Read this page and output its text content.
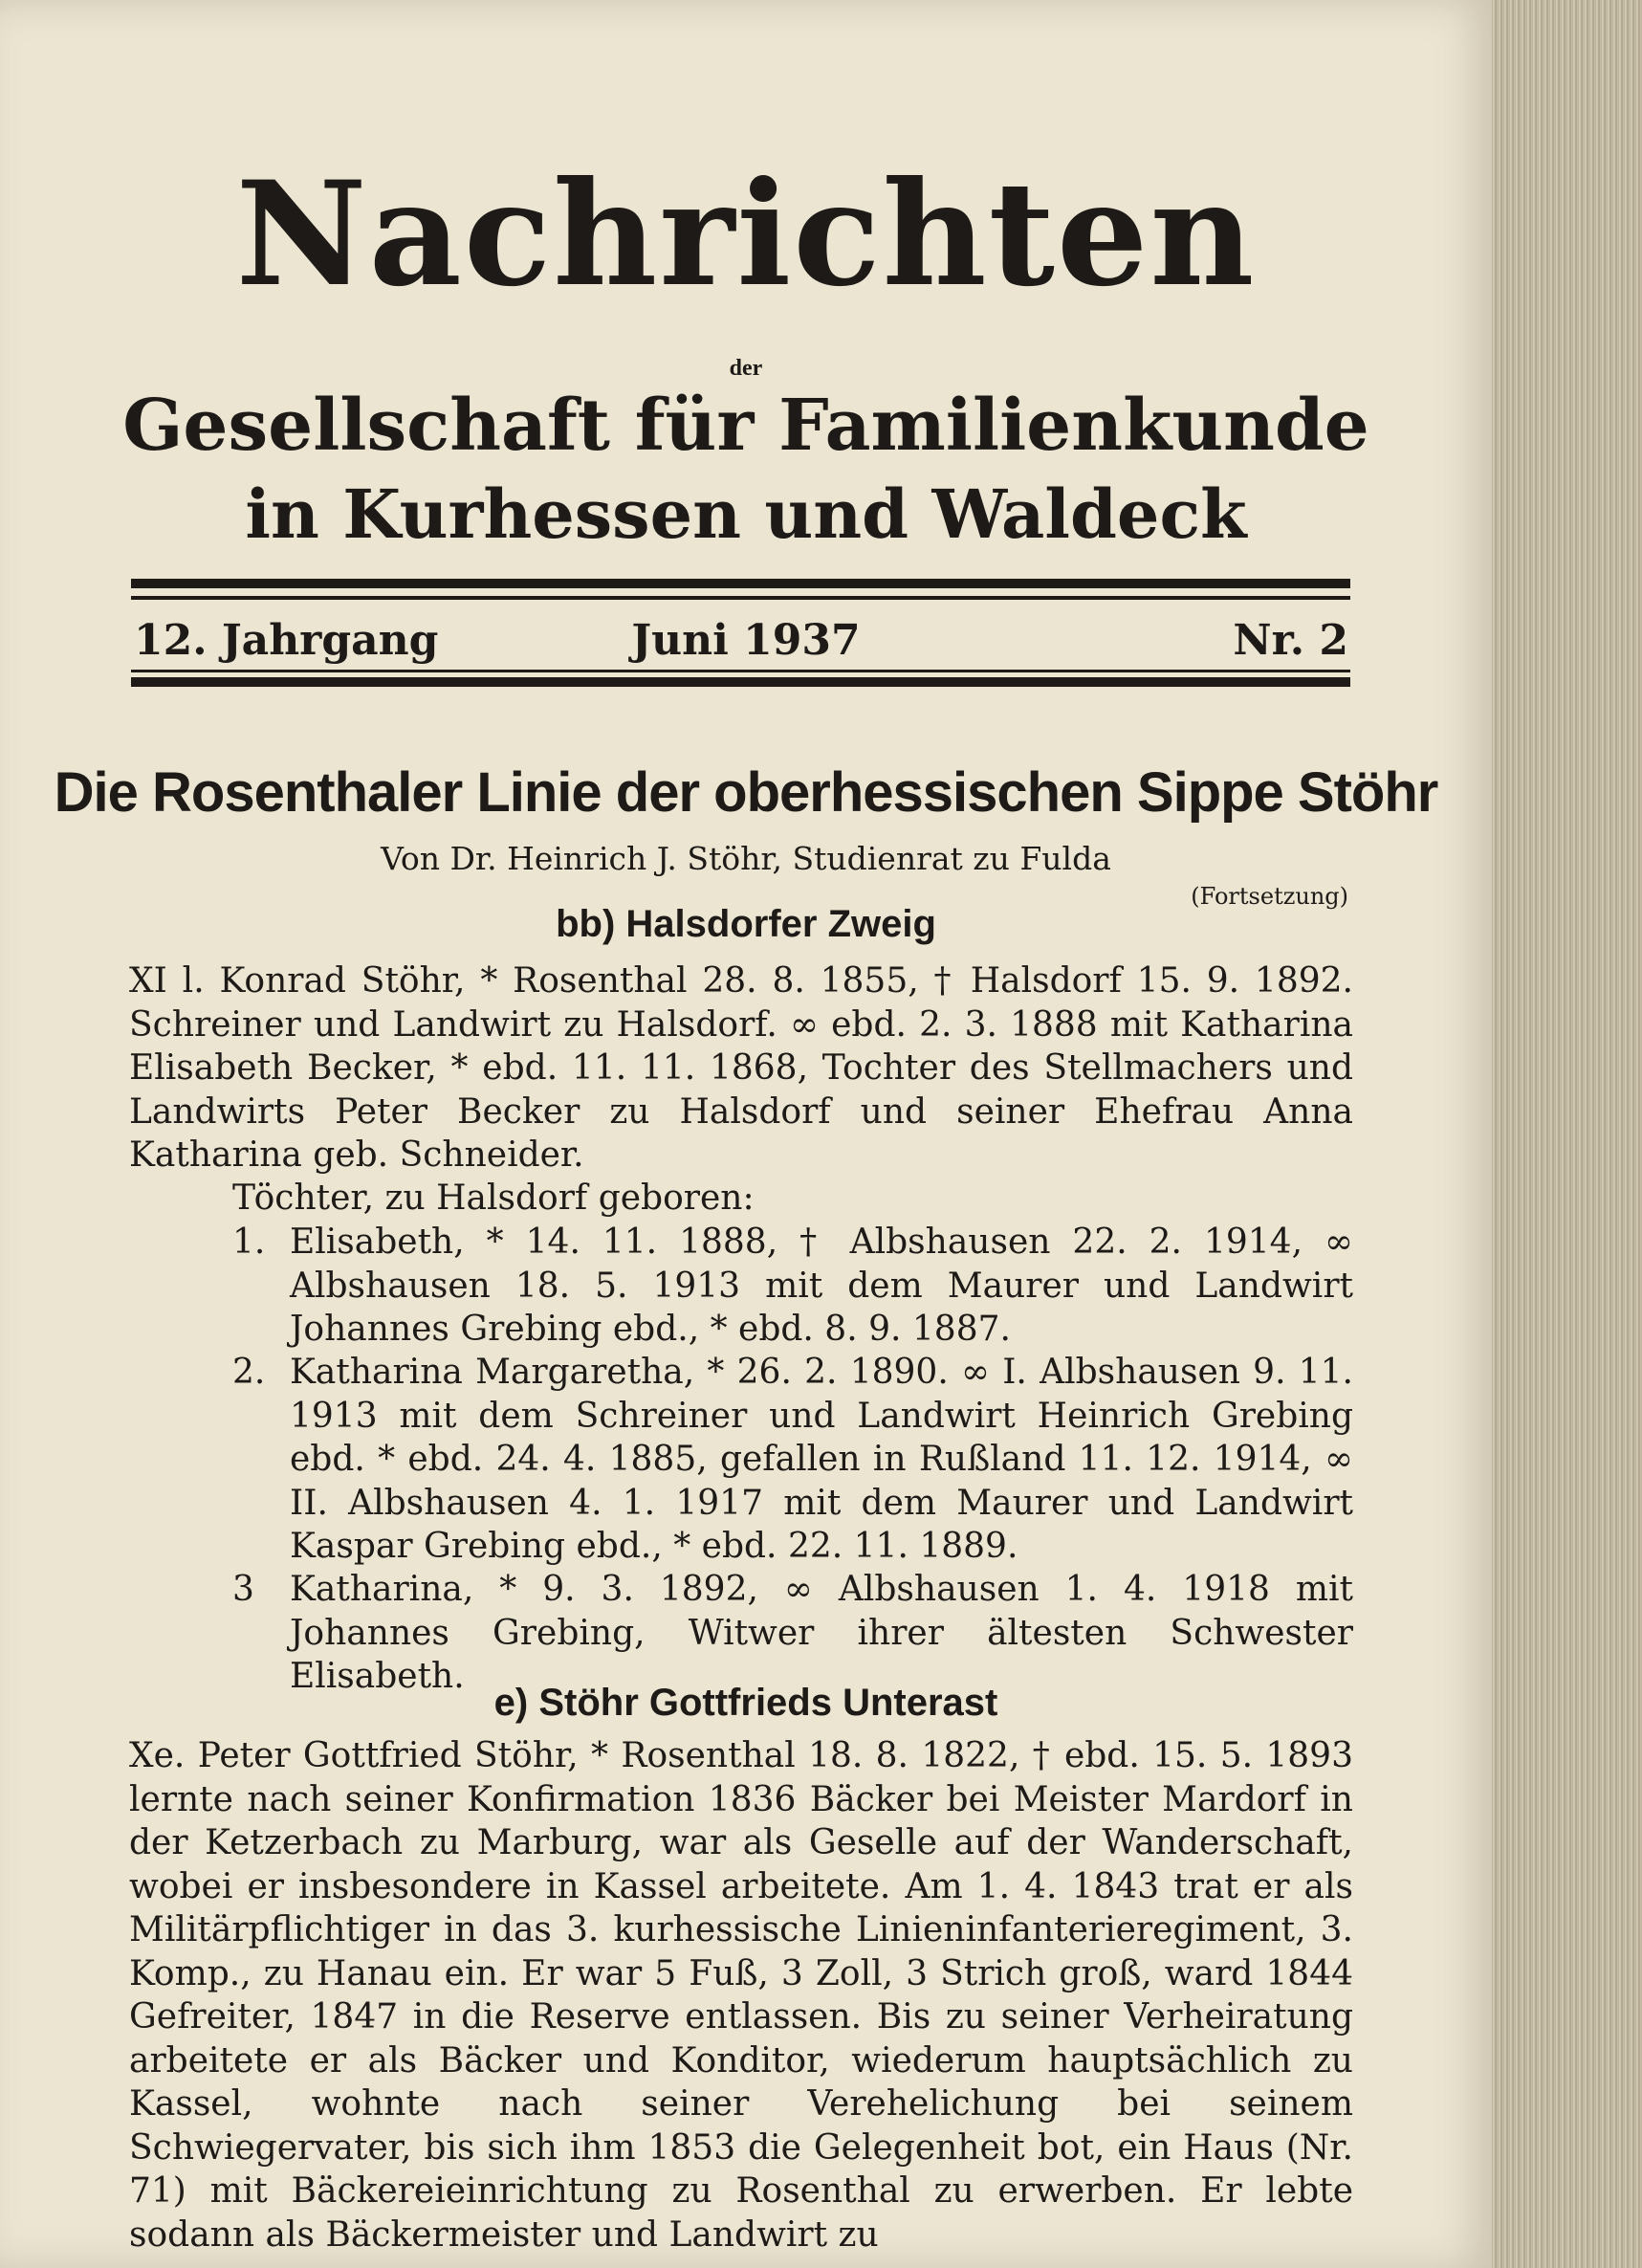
Nachrichten
der
Gesellschaft für Familienkunde
in Kurhessen und Waldeck
12. Jahrgang	Juni 1937	Nr. 2
Die Rosenthaler Linie der oberhessischen Sippe Stöhr
Von Dr. Heinrich J. Stöhr, Studienrat zu Fulda
(Fortsetzung)
bb) Halsdorfer Zweig
XI l. Konrad Stöhr, * Rosenthal 28. 8. 1855, † Halsdorf 15. 9. 1892. Schreiner und Landwirt zu Halsdorf. ∞ ebd. 2. 3. 1888 mit Katharina Elisabeth Becker, * ebd. 11. 11. 1868, Tochter des Stellmachers und Landwirts Peter Becker zu Halsdorf und seiner Ehefrau Anna Katharina geb. Schneider.
Töchter, zu Halsdorf geboren:
1. Elisabeth, * 14. 11. 1888, † Albshausen 22. 2. 1914, ∞ Albshausen 18. 5. 1913 mit dem Maurer und Landwirt Johannes Grebing ebd., * ebd. 8. 9. 1887.
2. Katharina Margaretha, * 26. 2. 1890. ∞ I. Albshausen 9. 11. 1913 mit dem Schreiner und Landwirt Heinrich Grebing ebd. * ebd. 24. 4. 1885, gefallen in Rußland 11. 12. 1914, ∞ II. Albshausen 4. 1. 1917 mit dem Maurer und Landwirt Kaspar Grebing ebd., * ebd. 22. 11. 1889.
3 Katharina, * 9. 3. 1892, ∞ Albshausen 1. 4. 1918 mit Johannes Grebing, Witwer ihrer ältesten Schwester Elisabeth.
e) Stöhr Gottfrieds Unterast
Xe. Peter Gottfried Stöhr, * Rosenthal 18. 8. 1822, † ebd. 15. 5. 1893 lernte nach seiner Konfirmation 1836 Bäcker bei Meister Mardorf in der Ketzerbach zu Marburg, war als Geselle auf der Wanderschaft, wobei er insbesondere in Kassel arbeitete. Am 1. 4. 1843 trat er als Militärpflichtiger in das 3. kurhessische Linieninfanterieregiment, 3. Komp., zu Hanau ein. Er war 5 Fuß, 3 Zoll, 3 Strich groß, ward 1844 Gefreiter, 1847 in die Reserve entlassen. Bis zu seiner Verheiratung arbeitete er als Bäcker und Konditor, wiederum hauptsächlich zu Kassel, wohnte nach seiner Verehelichung bei seinem Schwiegervater, bis sich ihm 1853 die Gelegenheit bot, ein Haus (Nr. 71) mit Bäckereieinrichtung zu Rosenthal zu erwerben. Er lebte sodann als Bäckermeister und Landwirt zu
